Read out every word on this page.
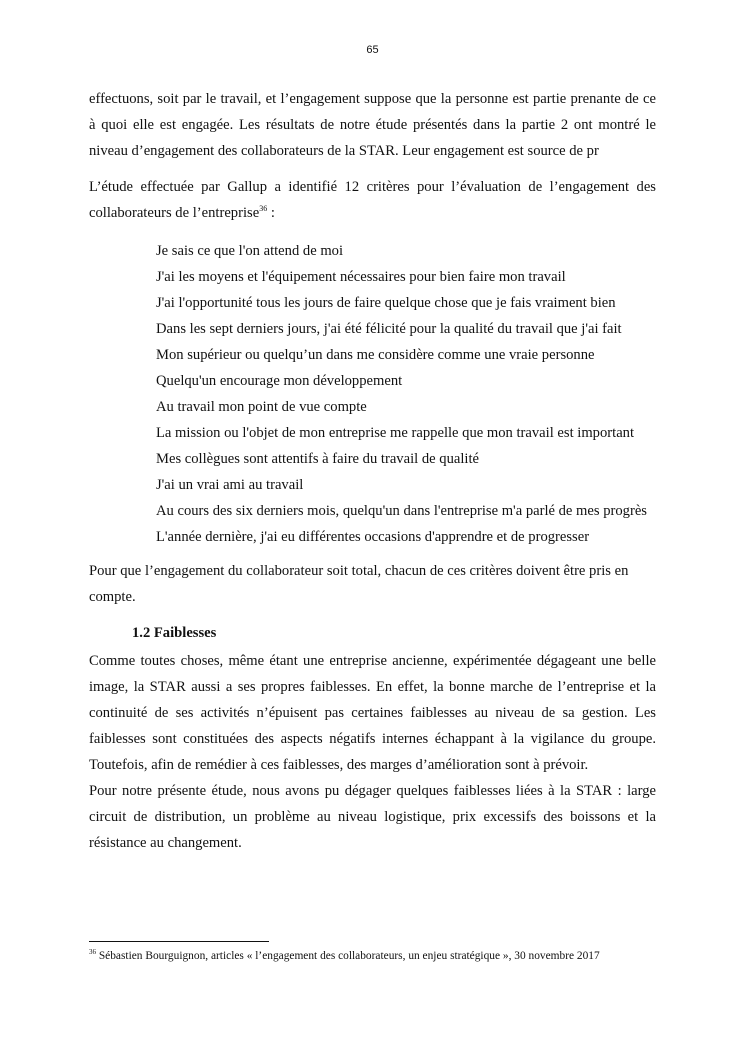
65

effectuons, soit par le travail, et l’engagement suppose que la personne est partie prenante de ce à quoi elle est engagée. Les résultats de notre étude présentés dans la partie 2 ont montré le niveau d’engagement des collaborateurs de la STAR. Leur engagement est source de pr

L’étude effectuée par Gallup a identifié 12 critères pour l’évaluation de l’engagement des collaborateurs de l’entreprise$^{36}$ :

Je sais ce que l'on attend de moi
J'ai les moyens et l'équipement nécessaires pour bien faire mon travail
J'ai l'opportunité tous les jours de faire quelque chose que je fais vraiment bien
Dans les sept derniers jours, j'ai été félicité pour la qualité du travail que j'ai fait
Mon supérieur ou quelqu’un dans me considère comme une vraie personne
Quelqu'un encourage mon développement
Au travail mon point de vue compte
La mission ou l'objet de mon entreprise me rappelle que mon travail est important
Mes collègues sont attentifs à faire du travail de qualité
J'ai un vrai ami au travail
Au cours des six derniers mois, quelqu'un dans l'entreprise m'a parlé de mes progrès
L'année dernière, j'ai eu différentes occasions d'apprendre et de progresser

Pour que l’engagement du collaborateur soit total, chacun de ces critères doivent être pris en compte.

1.2 Faiblesses

Comme toutes choses, même étant une entreprise ancienne, expérimentée dégageant une belle image, la STAR aussi a ses propres faiblesses. En effet, la bonne marche de l’entreprise et la continuité de ses activités n’épuisent pas certaines faiblesses au niveau de sa gestion. Les faiblesses sont constituées des aspects négatifs internes échappant à la vigilance du groupe. Toutefois, afin de remédier à ces faiblesses, des marges d’amélioration sont à prévoir.

Pour notre présente étude, nous avons pu dégager quelques faiblesses liées à la STAR : large circuit de distribution, un problème au niveau logistique, prix excessifs des boissons et la résistance au changement.

$^{36}$ Sébastien Bourguignon, articles « l’engagement des collaborateurs, un enjeu stratégique », 30 novembre 2017
